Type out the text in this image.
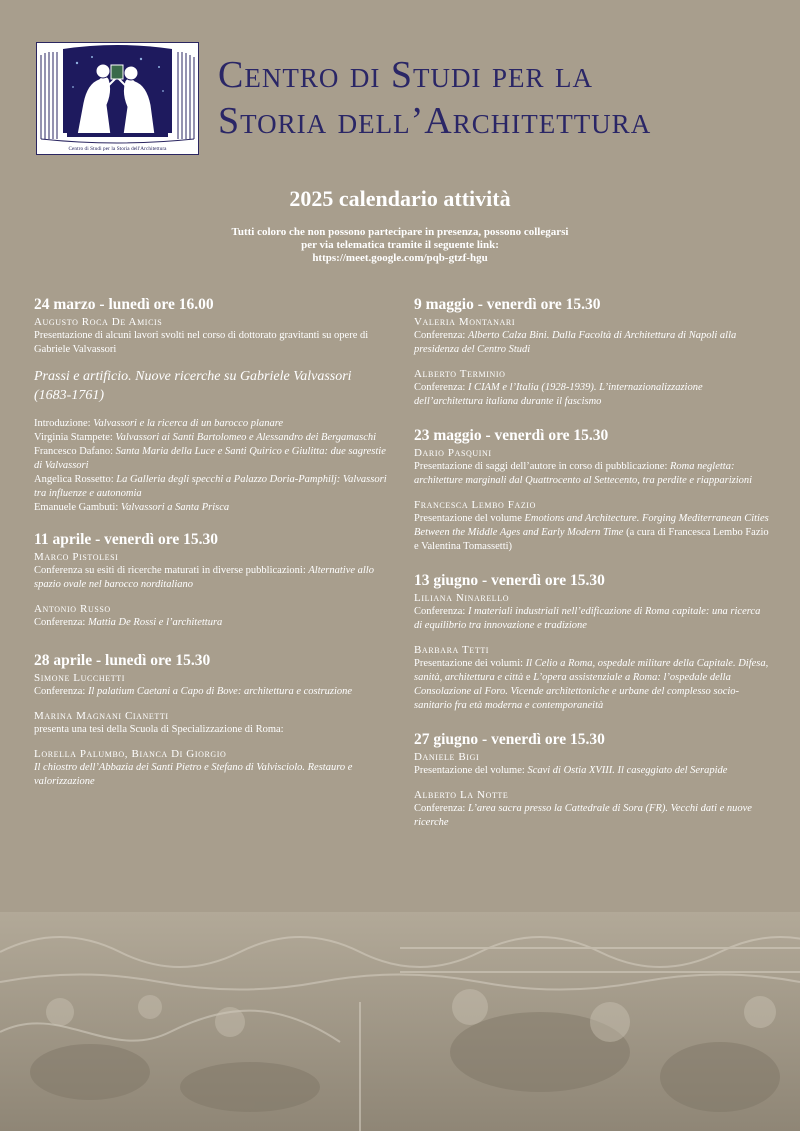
Centro di Studi per la Storia dell'Architettura
Centro di Studi per la
Storia dell’Architettura
2025 calendario attività
Tutti coloro che non possono partecipare in presenza, possono collegarsi
per via telematica tramite il seguente link:
https://meet.google.com/pqb-gtzf-hgu
24 marzo - lunedì ore 16.00
Augusto Roca De Amicis
Presentazione di alcuni lavori svolti nel corso di dottorato gravitanti su opere di Gabriele Valvassori
Prassi e artificio. Nuove ricerche su Gabriele Valvassori (1683-1761)
Introduzione: Valvassori e la ricerca di un barocco planare
Virginia Stampete: Valvassori ai Santi Bartolomeo e Alessandro dei Bergamaschi
Francesco Dafano: Santa Maria della Luce e Santi Quirico e Giulitta: due sagrestie di Valvassori
Angelica Rossetto: La Galleria degli specchi a Palazzo Doria-Pamphilj: Valvassori tra influenze e autonomia
Emanuele Gambuti: Valvassori a Santa Prisca
11 aprile - venerdì ore 15.30
Marco Pistolesi
Conferenza su esiti di ricerche maturati in diverse pubblicazioni: Alternative allo spazio ovale nel barocco norditaliano
Antonio Russo
Conferenza: Mattia De Rossi e l’architettura
28 aprile - lunedì ore 15.30
Simone Lucchetti
Conferenza: Il palatium Caetani a Capo di Bove: architettura e costruzione
Marina Magnani Cianetti
presenta una tesi della Scuola di Specializzazione di Roma:
Lorella Palumbo, Bianca Di Giorgio
Il chiostro dell’Abbazia dei Santi Pietro e Stefano di Valvisciolo. Restauro e valorizzazione
9 maggio - venerdì ore 15.30
Valeria Montanari
Conferenza: Alberto Calza Bini. Dalla Facoltà di Architettura di Napoli alla presidenza del Centro Studi
Alberto Terminio
Conferenza: I CIAM e l’Italia (1928-1939). L’internazionalizzazione dell’architettura italiana durante il fascismo
23 maggio - venerdì ore 15.30
Dario Pasquini
Presentazione di saggi dell’autore in corso di pubblicazione: Roma negletta: architetture marginali dal Quattrocento al Settecento, tra perdite e riapparizioni
Francesca Lembo Fazio
Presentazione del volume Emotions and Architecture. Forging Mediterranean Cities Between the Middle Ages and Early Modern Time (a cura di Francesca Lembo Fazio e Valentina Tomassetti)
13 giugno - venerdì ore 15.30
Liliana Ninarello
Conferenza: I materiali industriali nell’edificazione di Roma capitale: una ricerca di equilibrio tra innovazione e tradizione
Barbara Tetti
Presentazione dei volumi: Il Celio a Roma, ospedale militare della Capitale. Difesa, sanità, architettura e città e L’opera assistenziale a Roma: l’ospedale della Consolazione al Foro. Vicende architettoniche e urbane del complesso socio-sanitario fra età moderna e contemporaneità
27 giugno - venerdì ore 15.30
Daniele Bigi
Presentazione del volume: Scavi di Ostia XVIII. Il caseggiato del Serapide
Alberto La Notte
Conferenza: L’area sacra presso la Cattedrale di Sora (FR). Vecchi dati e nuove ricerche
